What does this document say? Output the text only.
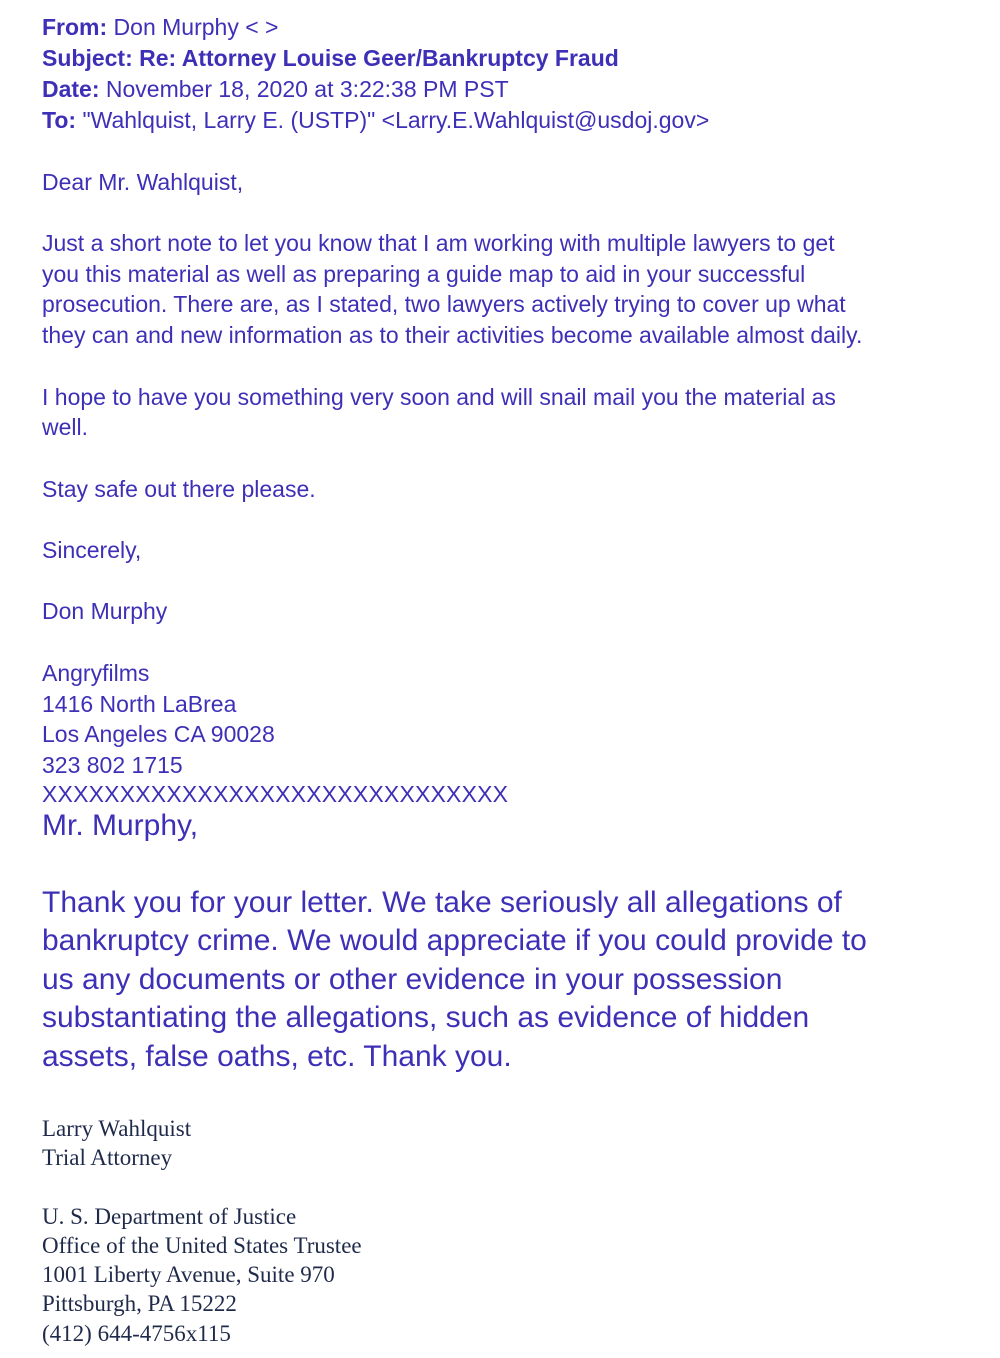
From: Don Murphy < >
Subject: Re: Attorney Louise Geer/Bankruptcy Fraud
Date: November 18, 2020 at 3:22:38 PM PST
To: "Wahlquist, Larry E. (USTP)" <Larry.E.Wahlquist@usdoj.gov>

Dear Mr. Wahlquist,

Just a short note to let you know that I am working with multiple lawyers to get

you this material as well as preparing a guide map to aid in your successful

prosecution. There are, as I stated, two lawyers actively trying to cover up what

they can and new information as to their activities become available almost daily.

I hope to have you something very soon and will snail mail you the material as

well.

Stay safe out there please.

Sincerely,

Don Murphy

Angryfilms

1416 North LaBrea

Los Angeles CA 90028

323 802 1715

XXXXXXXXXXXXXXXXXXXXXXXXXXXXXX

Mr. Murphy,

Thank you for your letter. We take seriously all allegations of

bankruptcy crime. We would appreciate if you could provide to

us any documents or other evidence in your possession

substantiating the allegations, such as evidence of hidden

assets, false oaths, etc. Thank you.

Larry Wahlquist

Trial Attorney

U. S. Department of Justice

Office of the United States Trustee

1001 Liberty Avenue, Suite 970

Pittsburgh, PA 15222

(412) 644-4756x115
